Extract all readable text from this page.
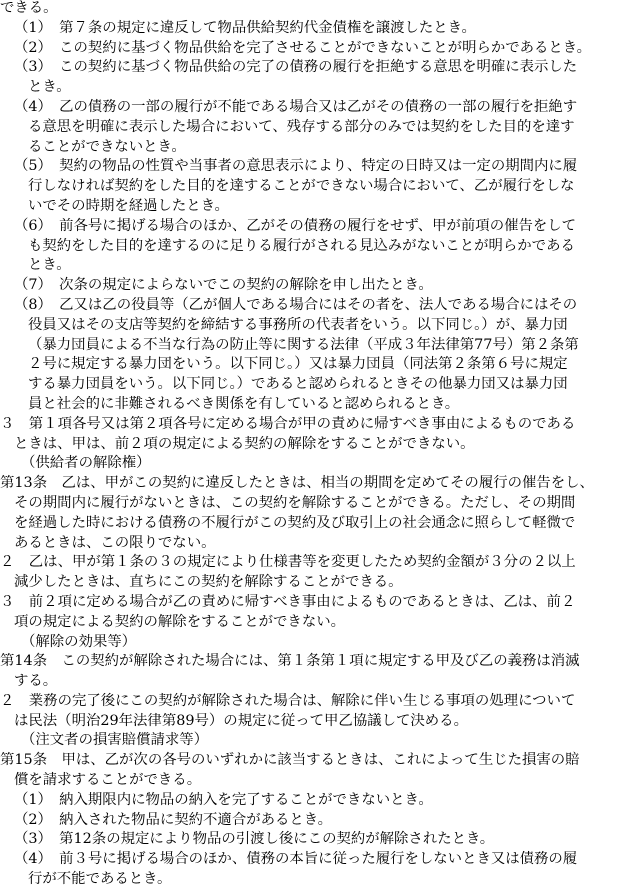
できる。
（1）　第７条の規定に違反して物品供給契約代金債権を譲渡したとき。
（2）　この契約に基づく物品供給を完了させることができないことが明らかであるとき。
（3）　この契約に基づく物品供給の完了の債務の履行を拒絶する意思を明確に表示した
とき。
（4）　乙の債務の一部の履行が不能である場合又は乙がその債務の一部の履行を拒絶す
る意思を明確に表示した場合において、残存する部分のみでは契約をした目的を達す
ることができないとき。
（5）　契約の物品の性質や当事者の意思表示により、特定の日時又は一定の期間内に履
行しなければ契約をした目的を達することができない場合において、乙が履行をしな
いでその時期を経過したとき。
（6）　前各号に掲げる場合のほか、乙がその債務の履行をせず、甲が前項の催告をして
も契約をした目的を達するのに足りる履行がされる見込みがないことが明らかである
とき。
（7）　次条の規定によらないでこの契約の解除を申し出たとき。
（8）　乙又は乙の役員等（乙が個人である場合にはその者を、法人である場合にはその
役員又はその支店等契約を締結する事務所の代表者をいう。以下同じ。）が、暴力団
（暴力団員による不当な行為の防止等に関する法律（平成３年法律第77号）第２条第
２号に規定する暴力団をいう。以下同じ。）又は暴力団員（同法第２条第６号に規定
する暴力団員をいう。以下同じ。）であると認められるときその他暴力団又は暴力団
員と社会的に非難されるべき関係を有していると認められるとき。
３　第１項各号又は第２項各号に定める場合が甲の責めに帰すべき事由によるものである
ときは、甲は、前２項の規定による契約の解除をすることができない。
（供給者の解除権）
第13条　乙は、甲がこの契約に違反したときは、相当の期間を定めてその履行の催告をし、
その期間内に履行がないときは、この契約を解除することができる。ただし、その期間
を経過した時における債務の不履行がこの契約及び取引上の社会通念に照らして軽微で
あるときは、この限りでない。
２　乙は、甲が第１条の３の規定により仕様書等を変更したため契約金額が３分の２以上
減少したときは、直ちにこの契約を解除することができる。
３　前２項に定める場合が乙の責めに帰すべき事由によるものであるときは、乙は、前２
項の規定による契約の解除をすることができない。
（解除の効果等）
第14条　この契約が解除された場合には、第１条第１項に規定する甲及び乙の義務は消滅
する。
２　業務の完了後にこの契約が解除された場合は、解除に伴い生じる事項の処理について
は民法（明治29年法律第89号）の規定に従って甲乙協議して決める。
（注文者の損害賠償請求等）
第15条　甲は、乙が次の各号のいずれかに該当するときは、これによって生じた損害の賠
償を請求することができる。
（1）　納入期限内に物品の納入を完了することができないとき。
（2）　納入された物品に契約不適合があるとき。
（3）　第12条の規定により物品の引渡し後にこの契約が解除されたとき。
（4）　前３号に掲げる場合のほか、債務の本旨に従った履行をしないとき又は債務の履
行が不能であるとき。
